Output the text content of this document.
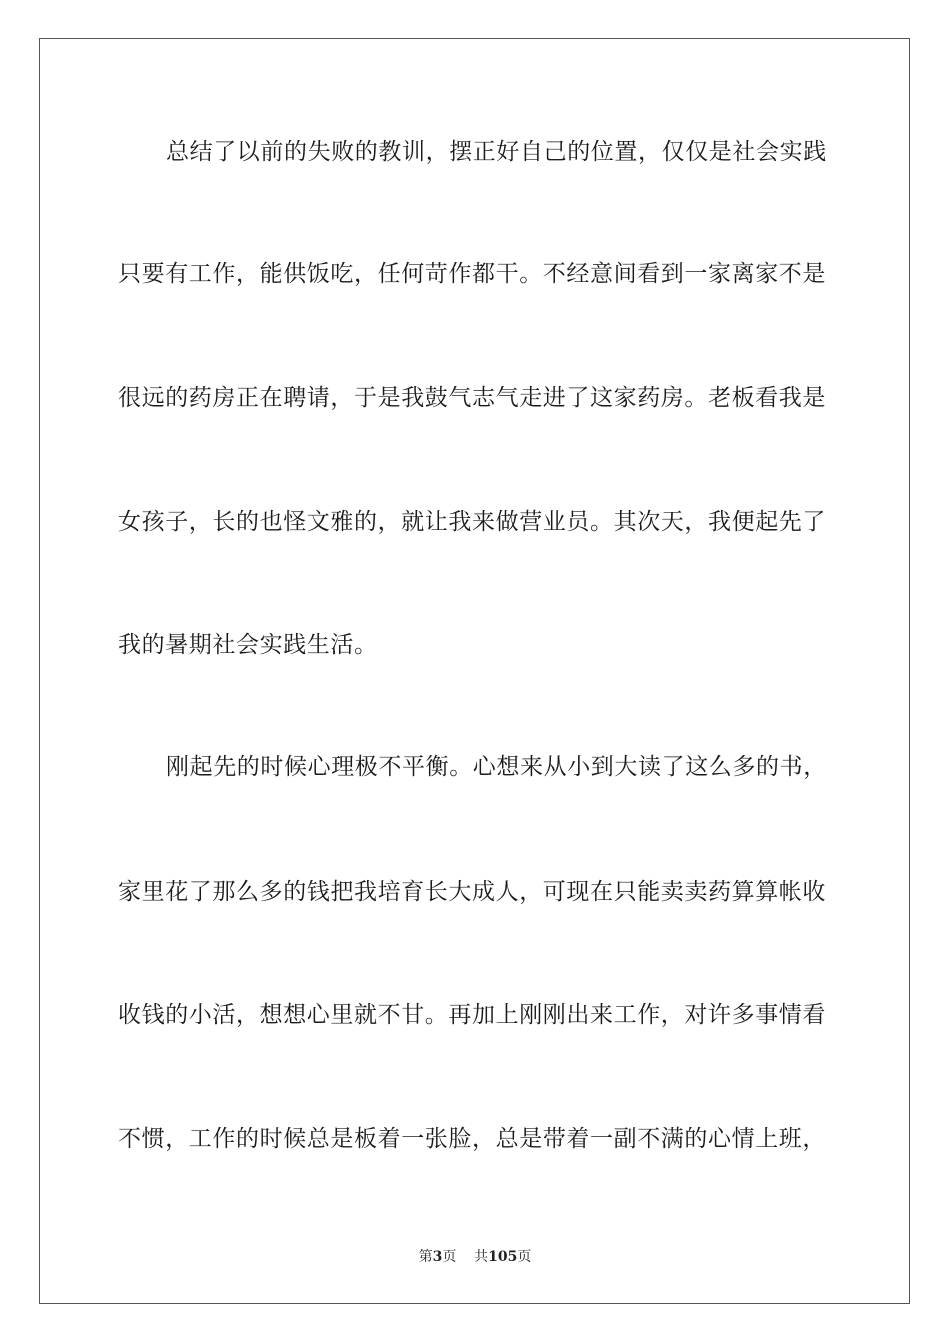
总结了以前的失败的教训，摆正好自己的位置，仅仅是社会实践
只要有工作，能供饭吃，任何苛作都干。不经意间看到一家离家不是
很远的药房正在聘请，于是我鼓气志气走进了这家药房。老板看我是
女孩子，长的也怪文雅的，就让我来做营业员。其次天，我便起先了
我的暑期社会实践生活。
刚起先的时候心理极不平衡。心想来从小到大读了这么多的书，
家里花了那么多的钱把我培育长大成人，可现在只能卖卖药算算帐收
收钱的小活，想想心里就不甘。再加上刚刚出来工作，对许多事情看
不惯，工作的时候总是板着一张脸，总是带着一副不满的心情上班，
第3页 共105页
